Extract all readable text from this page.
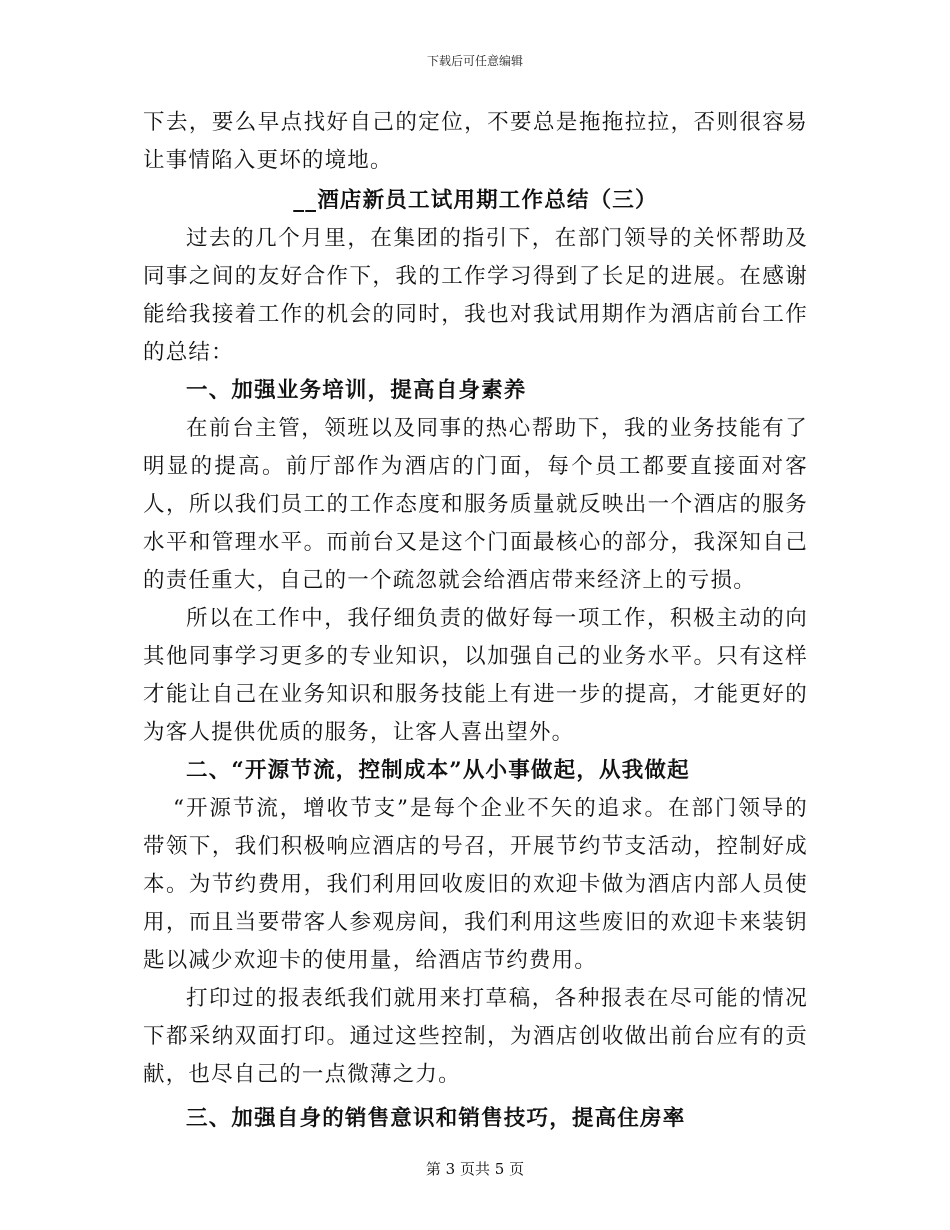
下载后可任意编辑

下去，要么早点找好自己的定位，不要总是拖拖拉拉，否则很容易让事情陷入更坏的境地。

__酒店新员工试用期工作总结（三）

过去的几个月里，在集团的指引下，在部门领导的关怀帮助及同事之间的友好合作下，我的工作学习得到了长足的进展。在感谢能给我接着工作的机会的同时，我也对我试用期作为酒店前台工作的总结：

一、加强业务培训，提高自身素养

在前台主管，领班以及同事的热心帮助下，我的业务技能有了明显的提高。前厅部作为酒店的门面，每个员工都要直接面对客人，所以我们员工的工作态度和服务质量就反映出一个酒店的服务水平和管理水平。而前台又是这个门面最核心的部分，我深知自己的责任重大，自己的一个疏忽就会给酒店带来经济上的亏损。

所以在工作中，我仔细负责的做好每一项工作，积极主动的向其他同事学习更多的专业知识，以加强自己的业务水平。只有这样才能让自己在业务知识和服务技能上有进一步的提高，才能更好的为客人提供优质的服务，让客人喜出望外。

二、“开源节流，控制成本”从小事做起，从我做起

“开源节流，增收节支”是每个企业不矢的追求。在部门领导的带领下，我们积极响应酒店的号召，开展节约节支活动，控制好成本。为节约费用，我们利用回收废旧的欢迎卡做为酒店内部人员使用，而且当要带客人参观房间，我们利用这些废旧的欢迎卡来装钥匙以减少欢迎卡的使用量，给酒店节约费用。

打印过的报表纸我们就用来打草稿，各种报表在尽可能的情况下都采纳双面打印。通过这些控制，为酒店创收做出前台应有的贡献，也尽自己的一点微薄之力。

三、加强自身的销售意识和销售技巧，提高住房率

第 3 页共 5 页
